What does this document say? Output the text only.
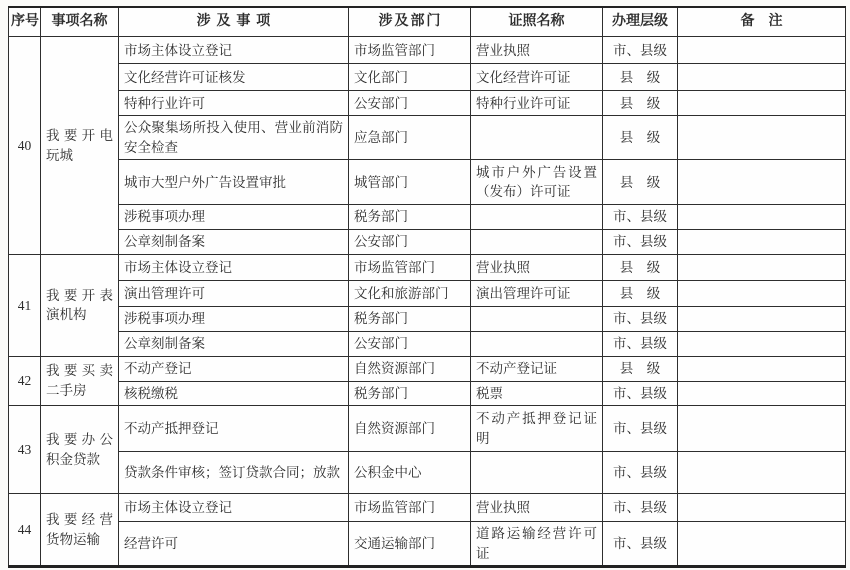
序号	事项名称	涉及事项	涉及部门	证照名称	办理层级	备　注
40	我要开电玩城	市场主体设立登记	市场监管部门	营业执照	市、县级	
		文化经营许可证核发	文化部门	文化经营许可证	县　级	
		特种行业许可	公安部门	特种行业许可证	县　级	
		公众聚集场所投入使用、营业前消防安全检查	应急部门		县　级	
		城市大型户外广告设置审批	城管部门	城市户外广告设置（发布）许可证	县　级	
		涉税事项办理	税务部门		市、县级	
		公章刻制备案	公安部门		市、县级	
41	我要开表演机构	市场主体设立登记	市场监管部门	营业执照	县　级	
		演出管理许可	文化和旅游部门	演出管理许可证	县　级	
		涉税事项办理	税务部门		市、县级	
		公章刻制备案	公安部门		市、县级	
42	我要买卖二手房	不动产登记	自然资源部门	不动产登记证	县　级	
		核税缴税	税务部门	税票	市、县级	
43	我要办公积金贷款	不动产抵押登记	自然资源部门	不动产抵押登记证明	市、县级	
		贷款条件审核；签订贷款合同；放款	公积金中心		市、县级	
44	我要经营货物运输	市场主体设立登记	市场监管部门	营业执照	市、县级	
		经营许可	交通运输部门	道路运输经营许可证	市、县级	
